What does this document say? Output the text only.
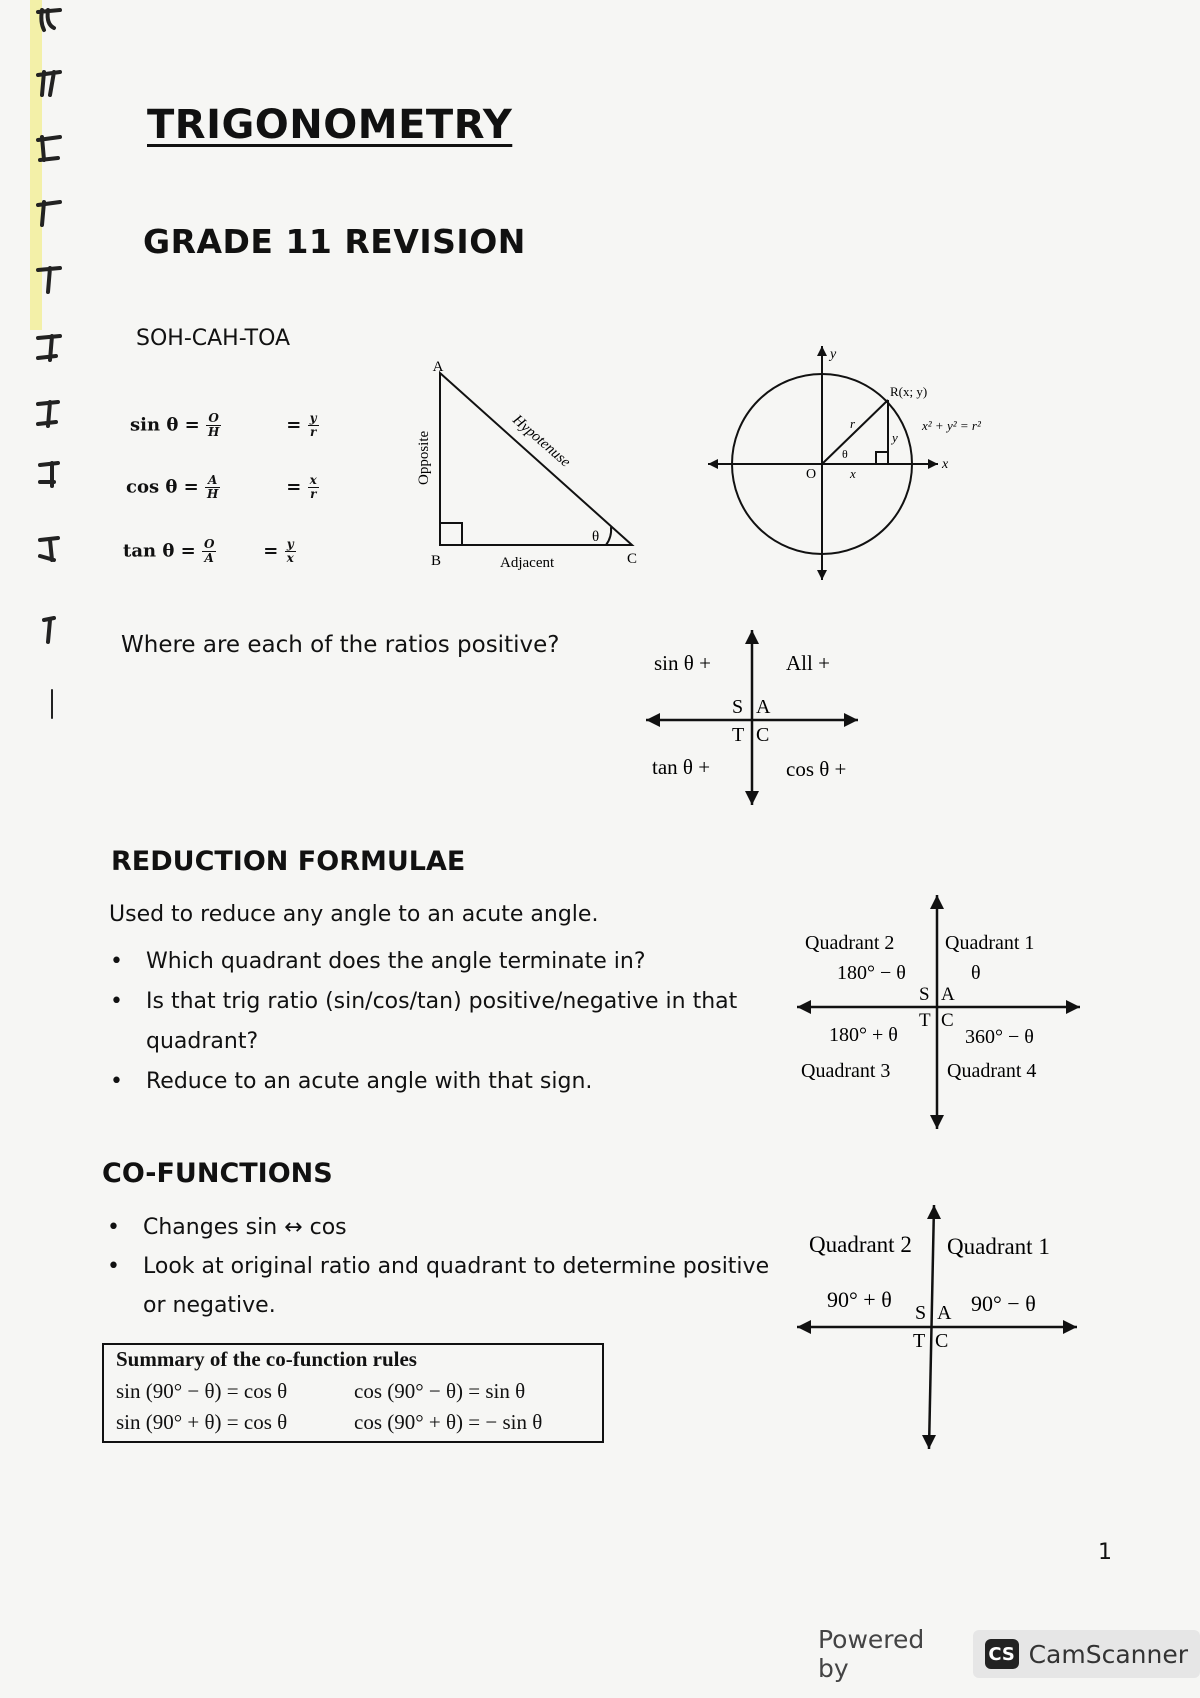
TRIGONOMETRY
GRADE 11 REVISION
SOH-CAH-TOA
$\sin \theta = \frac{O}{H}$	= $\frac{y}{r}$
$\cos \theta = \frac{A}{H}$	= $\frac{x}{r}$
$\tan \theta = \frac{O}{A}$	= $\frac{y}{x}$
A
B	C
θ
Adjacent
Opposite	Hypotenuse
y
x
O
R(x; y)
x² + y² = r²
r
y
x
θ
Where are each of the ratios positive?
sin θ +	All +
tan θ +	cos θ +
S A
T C
REDUCTION FORMULAE
Used to reduce any angle to an acute angle.
• Which quadrant does the angle terminate in?
• Is that trig ratio (sin/cos/tan) positive/negative in that quadrant?
• Reduce to an acute angle with that sign.
Quadrant 2	Quadrant 1
180° − θ	θ
180° + θ	360° − θ
Quadrant 3	Quadrant 4
S A
T C
CO-FUNCTIONS
• Changes sin ↔ cos
• Look at original ratio and quadrant to determine positive or negative.
Summary of the co-function rules
sin (90° − θ) = cos θ	cos (90° − θ) = sin θ
sin (90° + θ) = cos θ	cos (90° + θ) = − sin θ
Quadrant 2 Quadrant 1
90° + θ	90° − θ
S A
T C
1
Powered by	CS CamScanner
